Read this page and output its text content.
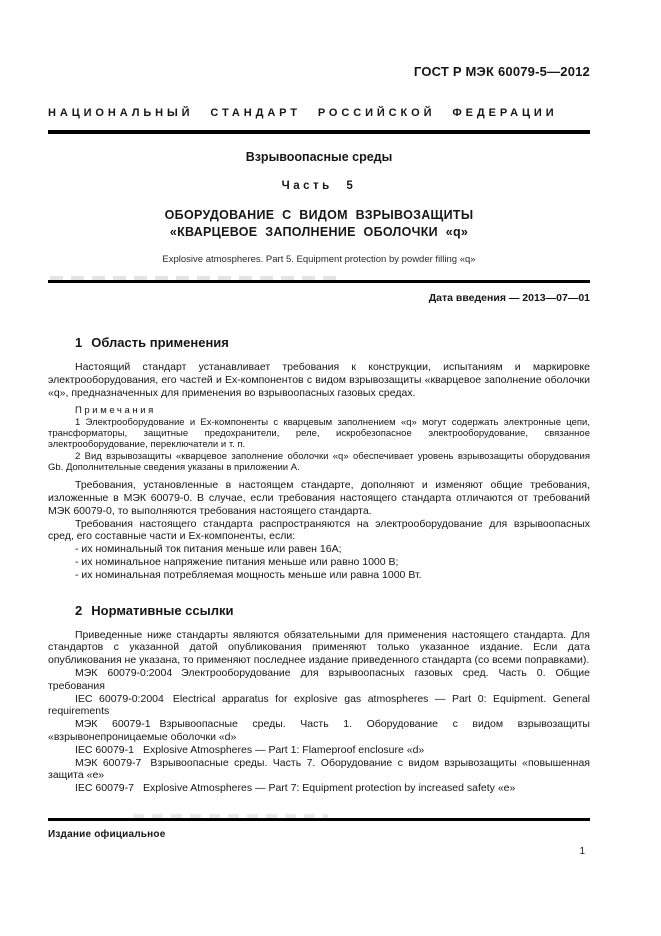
ГОСТ Р МЭК 60079-5—2012
НАЦИОНАЛЬНЫЙ СТАНДАРТ РОССИЙСКОЙ ФЕДЕРАЦИИ
Взрывоопасные среды
Часть 5
ОБОРУДОВАНИЕ С ВИДОМ ВЗРЫВОЗАЩИТЫ
«КВАРЦЕВОЕ ЗАПОЛНЕНИЕ ОБОЛОЧКИ «q»
Explosive atmospheres. Part 5. Equipment protection by powder filling «q»
Дата введения — 2013—07—01
1 Область применения

Настоящий стандарт устанавливает требования к конструкции, испытаниям и маркировке электрооборудования, его частей и Ex-компонентов с видом взрывозащиты «кварцевое заполнение оболочки «q», предназначенных для применения во взрывоопасных газовых средах.

Примечания

1 Электрооборудование и Ex-компоненты с кварцевым заполнением «q» могут содержать электронные цепи, трансформаторы, защитные предохранители, реле, искробезопасное электрооборудование, связанное электрооборудование, переключатели и т. п.

2 Вид взрывозащиты «кварцевое заполнение оболочки «q» обеспечивает уровень взрывозащиты оборудования Gb. Дополнительные сведения указаны в приложении А.

Требования, установленные в настоящем стандарте, дополняют и изменяют общие требования, изложенные в МЭК 60079-0. В случае, если требования настоящего стандарта отличаются от требований МЭК 60079-0, то выполняются требования настоящего стандарта.

Требования настоящего стандарта распространяются на электрооборудование для взрывоопасных сред, его составные части и Ex-компоненты, если:

- их номинальный ток питания меньше или равен 16А;

- их номинальное напряжение питания меньше или равно 1000 В;

- их номинальная потребляемая мощность меньше или равна 1000 Вт.

2 Нормативные ссылки

Приведенные ниже стандарты являются обязательными для применения настоящего стандарта. Для стандартов с указанной датой опубликования применяют только указанное издание. Если дата опубликования не указана, то применяют последнее издание приведенного стандарта (со всеми поправками).

МЭК 60079-0:2004 Электрооборудование для взрывоопасных газовых сред. Часть 0. Общие требования

IEC 60079-0:2004 Electrical apparatus for explosive gas atmospheres — Part 0: Equipment. General requirements

МЭК 60079-1 Взрывоопасные среды. Часть 1. Оборудование с видом взрывозащиты «взрывонепроницаемые оболочки «d»

IEC 60079-1 Explosive Atmospheres — Part 1: Flameproof enclosure «d»

МЭК 60079-7 Взрывоопасные среды. Часть 7. Оборудование с видом взрывозащиты «повышенная защита «е»

IEC 60079-7 Explosive Atmospheres — Part 7: Equipment protection by increased safety «е»

Издание официальное
1
